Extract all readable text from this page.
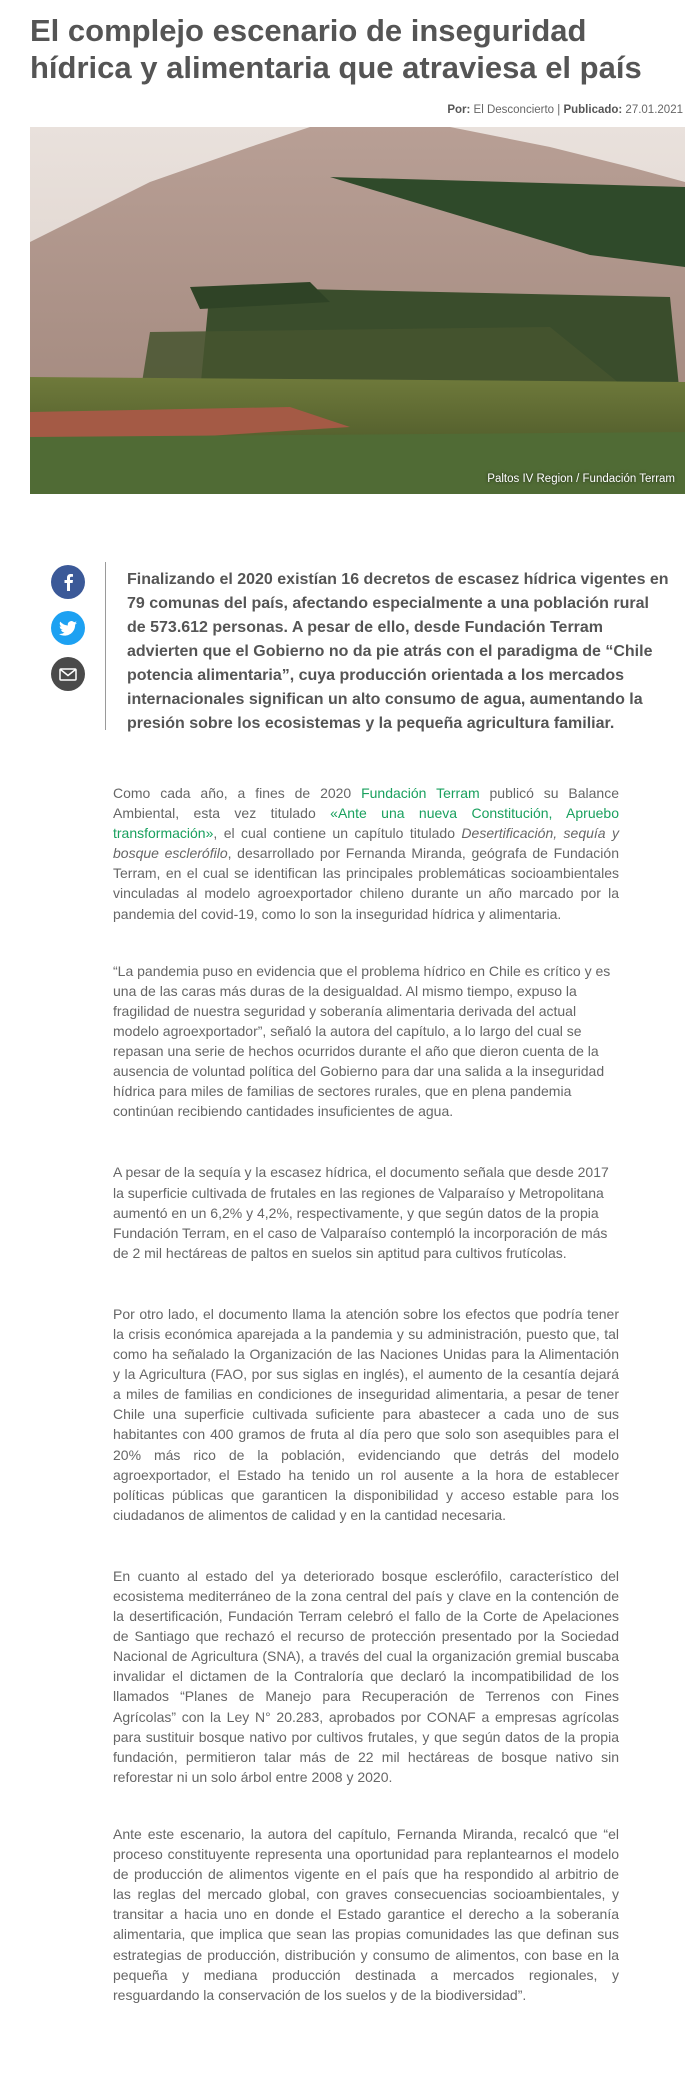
El complejo escenario de inseguridad hídrica y alimentaria que atraviesa el país
Por: El Desconcierto | Publicado: 27.01.2021
Paltos IV Region / Fundación Terram

Finalizando el 2020 existían 16 decretos de escasez hídrica vigentes en 79 comunas del país, afectando especialmente a una población rural de 573.612 personas. A pesar de ello, desde Fundación Terram advierten que el Gobierno no da pie atrás con el paradigma de “Chile potencia alimentaria”, cuya producción orientada a los mercados internacionales significan un alto consumo de agua, aumentando la presión sobre los ecosistemas y la pequeña agricultura familiar.

Como cada año, a fines de 2020 Fundación Terram publicó su Balance Ambiental, esta vez titulado «Ante una nueva Constitución, Apruebo transformación», el cual contiene un capítulo titulado Desertificación, sequía y bosque esclerófilo, desarrollado por Fernanda Miranda, geógrafa de Fundación Terram, en el cual se identifican las principales problemáticas socioambientales vinculadas al modelo agroexportador chileno durante un año marcado por la pandemia del covid-19, como lo son la inseguridad hídrica y alimentaria.

“La pandemia puso en evidencia que el problema hídrico en Chile es crítico y es una de las caras más duras de la desigualdad. Al mismo tiempo, expuso la fragilidad de nuestra seguridad y soberanía alimentaria derivada del actual modelo agroexportador”, señaló la autora del capítulo, a lo largo del cual se repasan una serie de hechos ocurridos durante el año que dieron cuenta de la ausencia de voluntad política del Gobierno para dar una salida a la inseguridad hídrica para miles de familias de sectores rurales, que en plena pandemia continúan recibiendo cantidades insuficientes de agua.

A pesar de la sequía y la escasez hídrica, el documento señala que desde 2017 la superficie cultivada de frutales en las regiones de Valparaíso y Metropolitana aumentó en un 6,2% y 4,2%, respectivamente, y que según datos de la propia Fundación Terram, en el caso de Valparaíso contempló la incorporación de más de 2 mil hectáreas de paltos en suelos sin aptitud para cultivos frutícolas.

Por otro lado, el documento llama la atención sobre los efectos que podría tener la crisis económica aparejada a la pandemia y su administración, puesto que, tal como ha señalado la Organización de las Naciones Unidas para la Alimentación y la Agricultura (FAO, por sus siglas en inglés), el aumento de la cesantía dejará a miles de familias en condiciones de inseguridad alimentaria, a pesar de tener Chile una superficie cultivada suficiente para abastecer a cada uno de sus habitantes con 400 gramos de fruta al día pero que solo son asequibles para el 20% más rico de la población, evidenciando que detrás del modelo agroexportador, el Estado ha tenido un rol ausente a la hora de establecer políticas públicas que garanticen la disponibilidad y acceso estable para los ciudadanos de alimentos de calidad y en la cantidad necesaria.

En cuanto al estado del ya deteriorado bosque esclerófilo, característico del ecosistema mediterráneo de la zona central del país y clave en la contención de la desertificación, Fundación Terram celebró el fallo de la Corte de Apelaciones de Santiago que rechazó el recurso de protección presentado por la Sociedad Nacional de Agricultura (SNA), a través del cual la organización gremial buscaba invalidar el dictamen de la Contraloría que declaró la incompatibilidad de los llamados “Planes de Manejo para Recuperación de Terrenos con Fines Agrícolas” con la Ley N° 20.283, aprobados por CONAF a empresas agrícolas para sustituir bosque nativo por cultivos frutales, y que según datos de la propia fundación, permitieron talar más de 22 mil hectáreas de bosque nativo sin reforestar ni un solo árbol entre 2008 y 2020.

Ante este escenario, la autora del capítulo, Fernanda Miranda, recalcó que “el proceso constituyente representa una oportunidad para replantearnos el modelo de producción de alimentos vigente en el país que ha respondido al arbitrio de las reglas del mercado global, con graves consecuencias socioambientales, y transitar a hacia uno en donde el Estado garantice el derecho a la soberanía alimentaria, que implica que sean las propias comunidades las que definan sus estrategias de producción, distribución y consumo de alimentos, con base en la pequeña y mediana producción destinada a mercados regionales, y resguardando la conservación de los suelos y de la biodiversidad”.
